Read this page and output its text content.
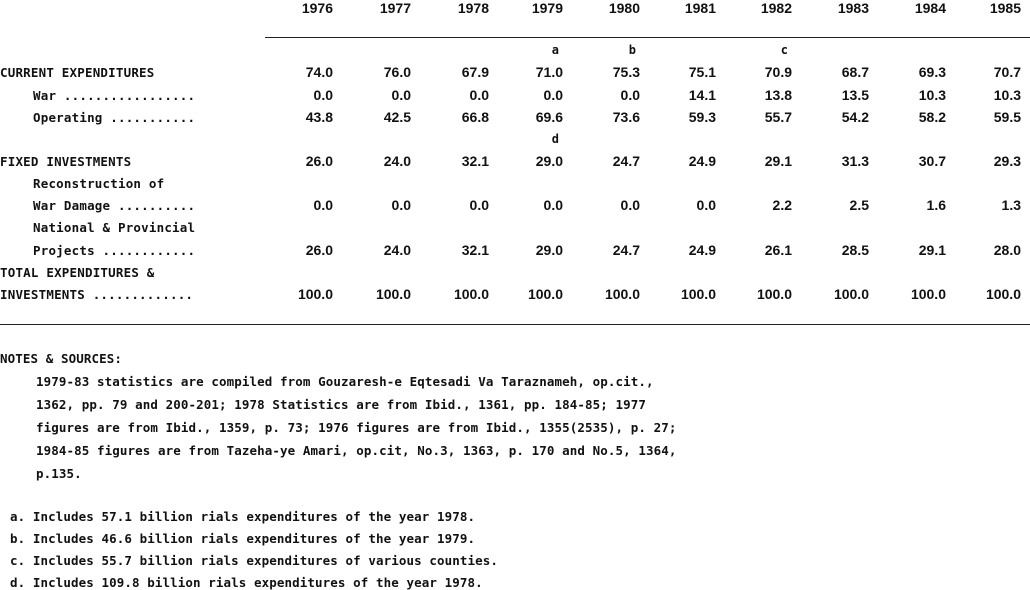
1976	1977	1978	1979	1980	1981	1982	1983	1984	1985
a	b	c
d
CURRENT EXPENDITURES	74.0	76.0	67.9	71.0	75.3	75.1	70.9	68.7	69.3	70.7
War .................	0.0	0.0	0.0	0.0	0.0	14.1	13.8	13.5	10.3	10.3
Operating ...........	43.8	42.5	66.8	69.6	73.6	59.3	55.7	54.2	58.2	59.5
FIXED INVESTMENTS	26.0	24.0	32.1	29.0	24.7	24.9	29.1	31.3	30.7	29.3
Reconstruction of
War Damage ..........	0.0	0.0	0.0	0.0	0.0	0.0	2.2	2.5	1.6	1.3
National & Provincial
Projects ............	26.0	24.0	32.1	29.0	24.7	24.9	26.1	28.5	29.1	28.0
TOTAL EXPENDITURES &
INVESTMENTS .............	100.0	100.0	100.0	100.0	100.0	100.0	100.0	100.0	100.0	100.0
NOTES & SOURCES:
1979-83 statistics are compiled from Gouzaresh-e Eqtesadi Va Taraznameh, op.cit.,
1362, pp. 79 and 200-201; 1978 Statistics are from Ibid., 1361, pp. 184-85; 1977
figures are from Ibid., 1359, p. 73; 1976 figures are from Ibid., 1355(2535), p. 27;
1984-85 figures are from Tazeha-ye Amari, op.cit, No.3, 1363, p. 170 and No.5, 1364,
p.135.
a. Includes 57.1 billion rials expenditures of the year 1978.
b. Includes 46.6 billion rials expenditures of the year 1979.
c. Includes 55.7 billion rials expenditures of various counties.
d. Includes 109.8 billion rials expenditures of the year 1978.
